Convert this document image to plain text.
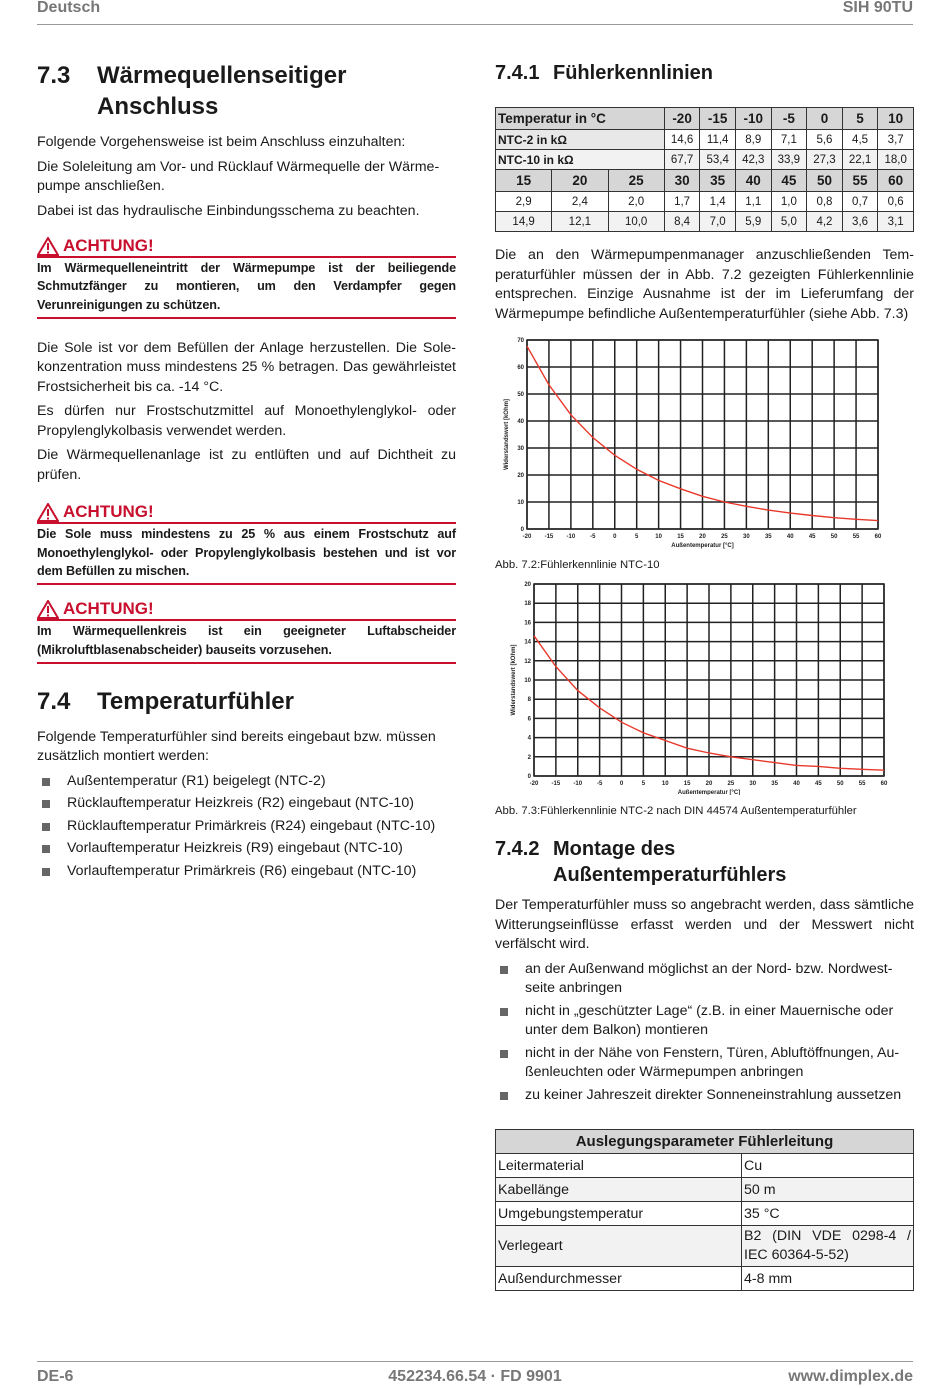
Deutsch	SIH 90TU
7.3	Wärmequellenseitiger
Anschluss

Folgende Vorgehensweise ist beim Anschluss einzuhalten:

Die Soleleitung am Vor- und Rücklauf Wärmequelle der Wärmepumpe anschließen.

Dabei ist das hydraulische Einbindungsschema zu beachten.

ACHTUNG!
Im Wärmequelleneintritt der Wärmepumpe ist der beiliegende Schmutzfänger zu montieren, um den Verdampfer gegen Verunreinigungen zu schützen.

Die Sole ist vor dem Befüllen der Anlage herzustellen. Die Solekonzentration muss mindestens 25 % betragen. Das gewährleistet Frostsicherheit bis ca. -14 °C.

Es dürfen nur Frostschutzmittel auf Monoethylenglykol- oder Propylenglykolbasis verwendet werden.

Die Wärmequellenanlage ist zu entlüften und auf Dichtheit zu prüfen.

ACHTUNG!
Die Sole muss mindestens zu 25 % aus einem Frostschutz auf Monoethylenglykol- oder Propylenglykolbasis bestehen und ist vor dem Befüllen zu mischen.
ACHTUNG!
Im Wärmequellenkreis ist ein geeigneter Luftabscheider (Mikroluftblasenabscheider) bauseits vorzusehen.
7.4	Temperaturfühler

Folgende Temperaturfühler sind bereits eingebaut bzw. müssen zusätzlich montiert werden:

Außentemperatur (R1) beigelegt (NTC-2)
Rücklauftemperatur Heizkreis (R2) eingebaut (NTC-10)
Rücklauftemperatur Primärkreis (R24) eingebaut (NTC-10)
Vorlauftemperatur Heizkreis (R9) eingebaut (NTC-10)
Vorlauftemperatur Primärkreis (R6) eingebaut (NTC-10)
7.4.1 Fühlerkennlinien
Temperatur in °C			-20	-15	-10	-5	0	5	10
NTC-2 in kΩ			14,6	11,4	8,9	7,1	5,6	4,5	3,7
NTC-10 in kΩ			67,7	53,4	42,3	33,9	27,3	22,1	18,0
15	20	25	30	35	40	45	50	55	60
2,9	2,4	2,0	1,7	1,4	1,1	1,0	0,8	0,7	0,6
14,9	12,1	10,0	8,4	7,0	5,9	5,0	4,2	3,6	3,1

Die an den Wärmepumpenmanager anzuschließenden Temperaturfühler müssen der in Abb. 7.2 gezeigten Fühlerkennlinie entsprechen. Einzige Ausnahme ist der im Lieferumfang der Wärmepumpe befindliche Außentemperaturfühler (siehe Abb. 7.3)

-20 -15 -10 -5	0	5	10	15	20	25	30	35	40	45	50	55	60
0
10
20
30
40
50
60
70
Außentemperatur [°C]
Widerstandswert [kOhm]
Abb. 7.2:Fühlerkennlinie NTC-10
-20 -15 -10 -5	0	5	10	15	20	25	30	35	40	45	50	55	60
0
2
4
6
8
10
12
14
16
18
20
Außentemperatur [°C]
Widerstandswert [kOhm]
Abb. 7.3:Fühlerkennlinie NTC-2 nach DIN 44574 Außentemperaturfühler
7.4.2 Montage des
Außentemperaturfühlers

Der Temperaturfühler muss so angebracht werden, dass sämtliche Witterungseinflüsse erfasst werden und der Messwert nicht verfälscht wird.

an der Außenwand möglichst an der Nord- bzw. Nordwestseite anbringen
nicht in „geschützter Lage“ (z.B. in einer Mauernische oder unter dem Balkon) montieren
nicht in der Nähe von Fenstern, Türen, Abluftöffnungen, Außenleuchten oder Wärmepumpen anbringen
zu keiner Jahreszeit direkter Sonneneinstrahlung aussetzen
Auslegungsparameter Fühlerleitung	
Leitermaterial	Cu
Kabellänge	50 m
Umgebungstemperatur	35 °C
Verlegeart	B2 (DIN VDE 0298-4 / IEC 60364-5-52)
Außendurchmesser	4-8 mm
DE-6	452234.66.54 · FD 9901	www.dimplex.de
